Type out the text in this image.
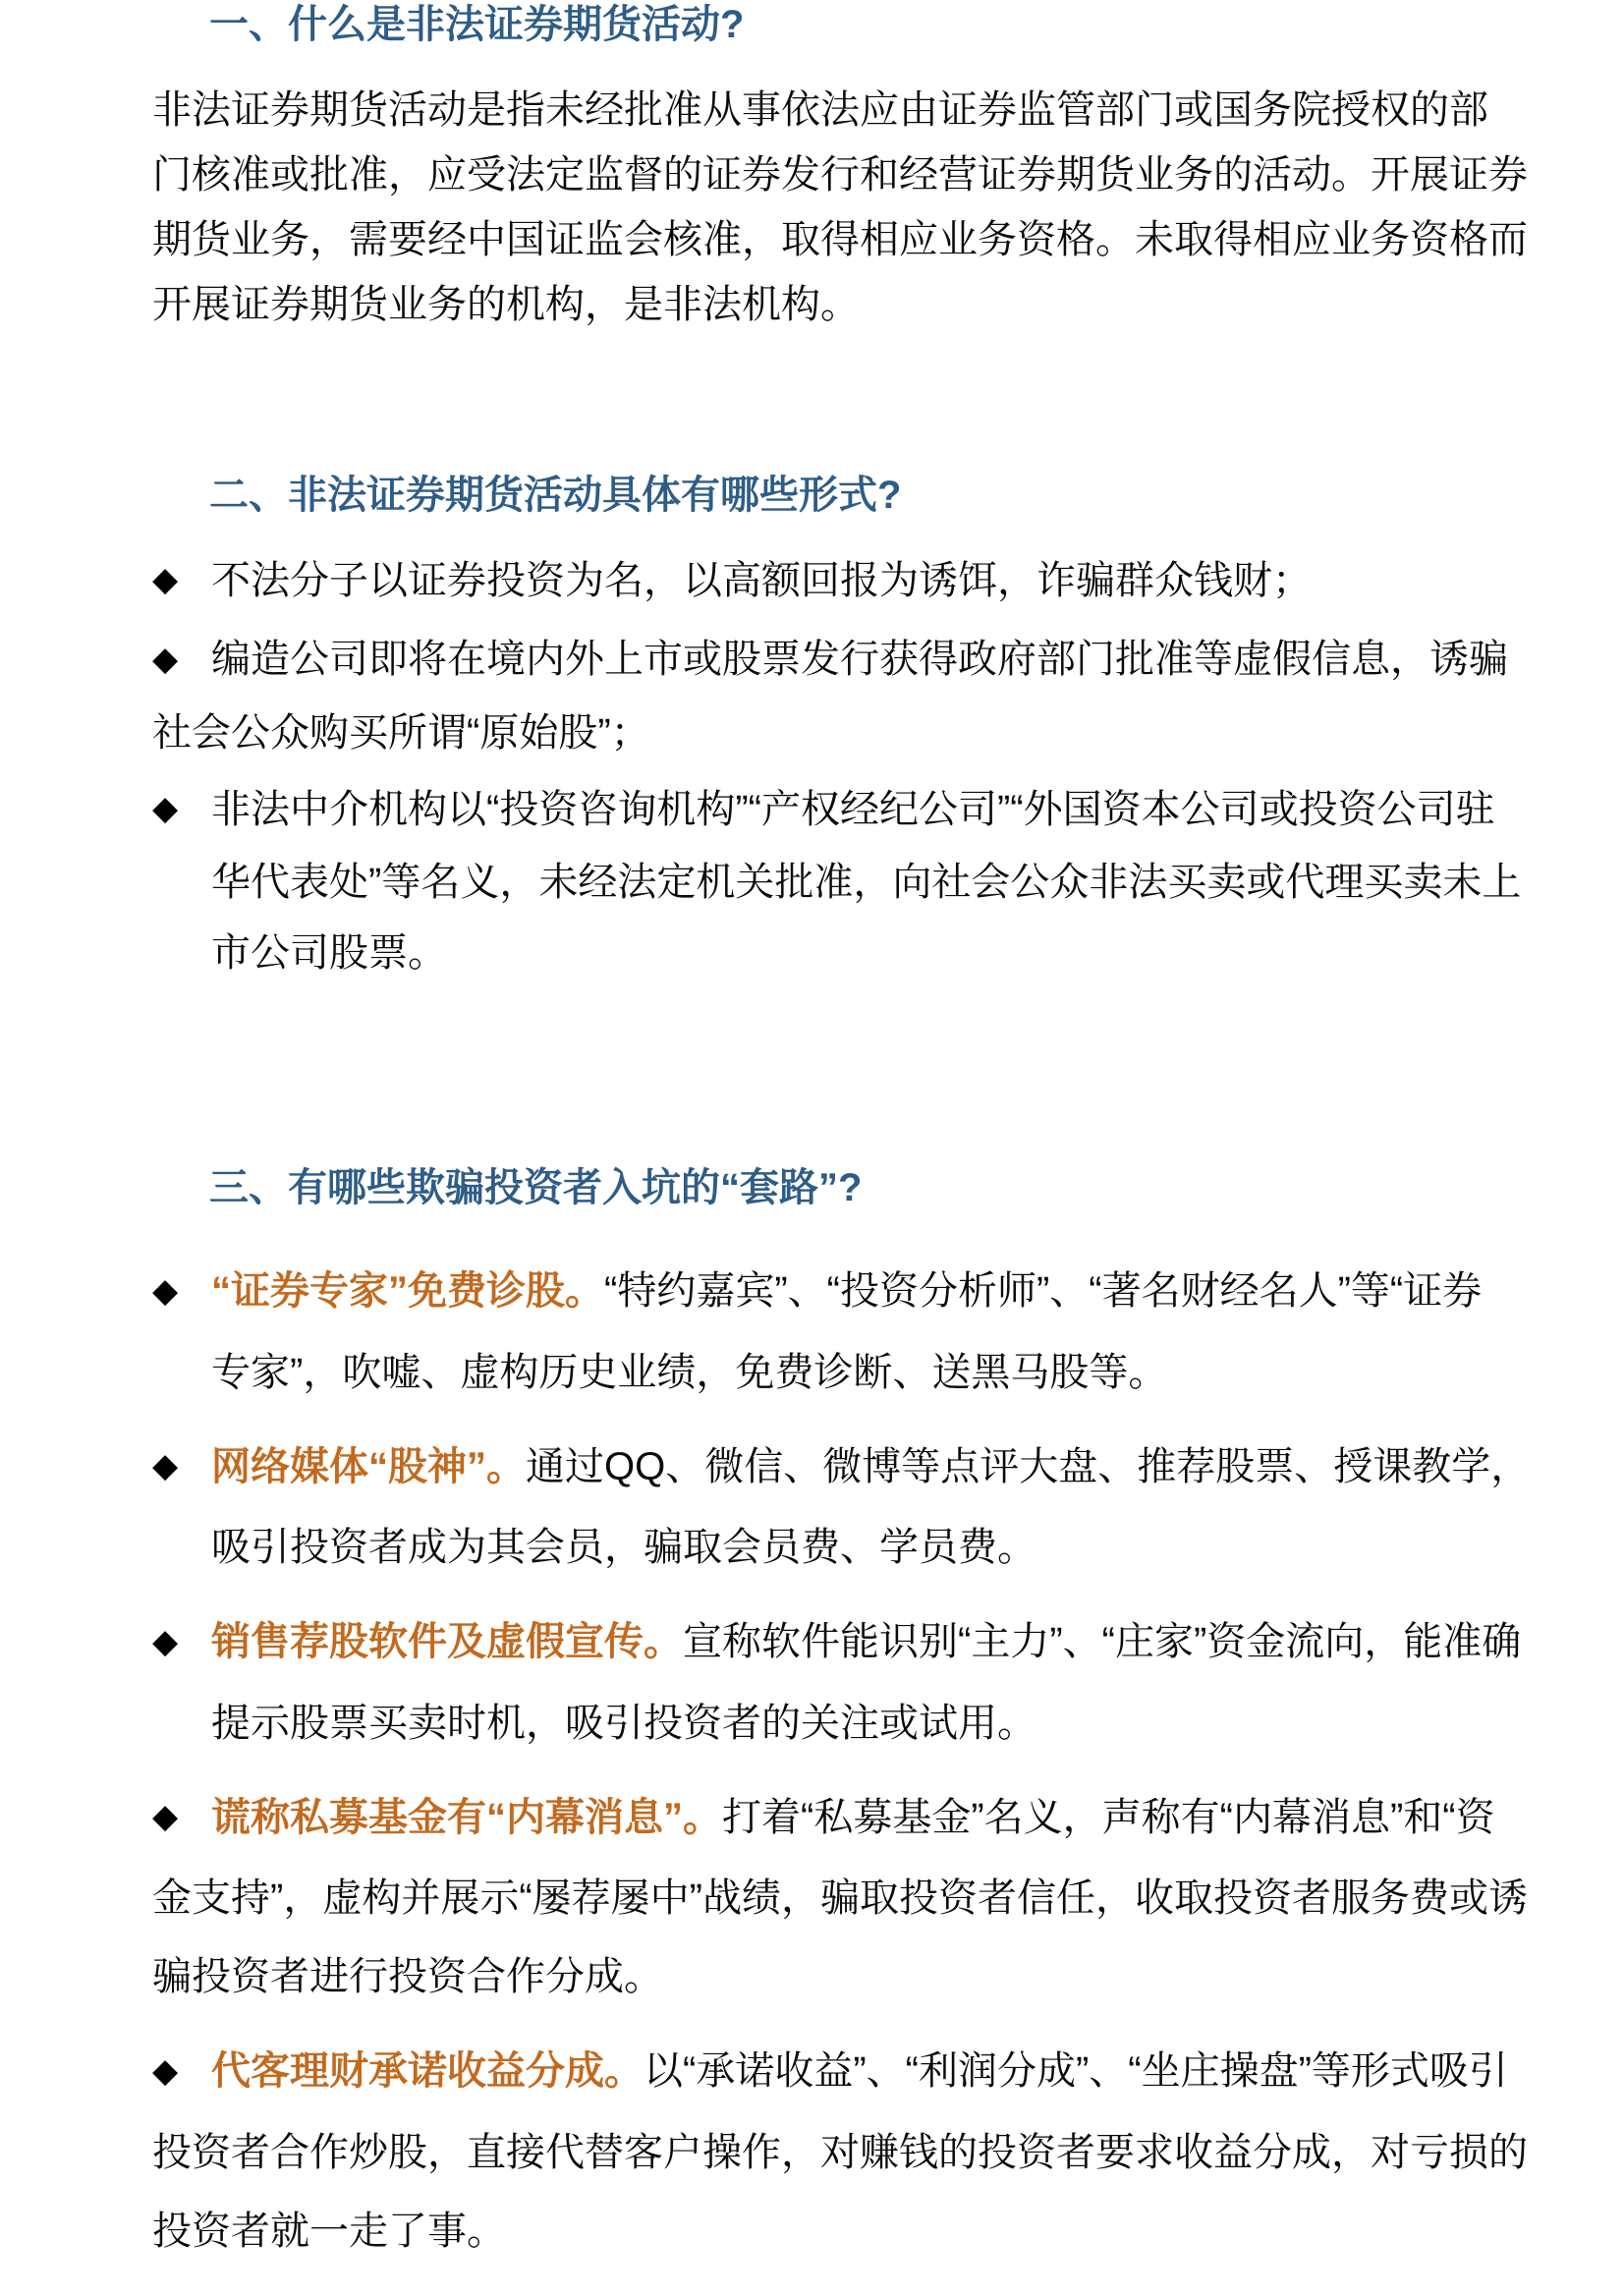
一、什么是非法证券期货活动?
非法证券期货活动是指未经批准从事依法应由证券监管部门或国务院授权的部
门核准或批准，应受法定监督的证券发行和经营证券期货业务的活动。开展证券
期货业务，需要经中国证监会核准，取得相应业务资格。未取得相应业务资格而
开展证券期货业务的机构，是非法机构。
二、非法证券期货活动具体有哪些形式?
◆ 不法分子以证券投资为名，以高额回报为诱饵，诈骗群众钱财；
◆ 编造公司即将在境内外上市或股票发行获得政府部门批准等虚假信息，诱骗
社会公众购买所谓“原始股”；
◆ 非法中介机构以“投资咨询机构”“产权经纪公司”“外国资本公司或投资公司驻
华代表处”等名义，未经法定机关批准，向社会公众非法买卖或代理买卖未上
市公司股票。
三、有哪些欺骗投资者入坑的“套路”?
◆ “证券专家”免费诊股。“特约嘉宾”、“投资分析师”、“著名财经名人”等“证券
专家”，吹嘘、虚构历史业绩，免费诊断、送黑马股等。
◆ 网络媒体“股神”。通过QQ、微信、微博等点评大盘、推荐股票、授课教学，
吸引投资者成为其会员，骗取会员费、学员费。
◆ 销售荐股软件及虚假宣传。宣称软件能识别“主力”、“庄家”资金流向，能准确
提示股票买卖时机，吸引投资者的关注或试用。
◆ 谎称私募基金有“内幕消息”。打着“私募基金”名义，声称有“内幕消息”和“资
金支持”，虚构并展示“屡荐屡中”战绩，骗取投资者信任，收取投资者服务费或诱
骗投资者进行投资合作分成。
◆ 代客理财承诺收益分成。以“承诺收益”、“利润分成”、“坐庄操盘”等形式吸引
投资者合作炒股，直接代替客户操作，对赚钱的投资者要求收益分成，对亏损的
投资者就一走了事。
